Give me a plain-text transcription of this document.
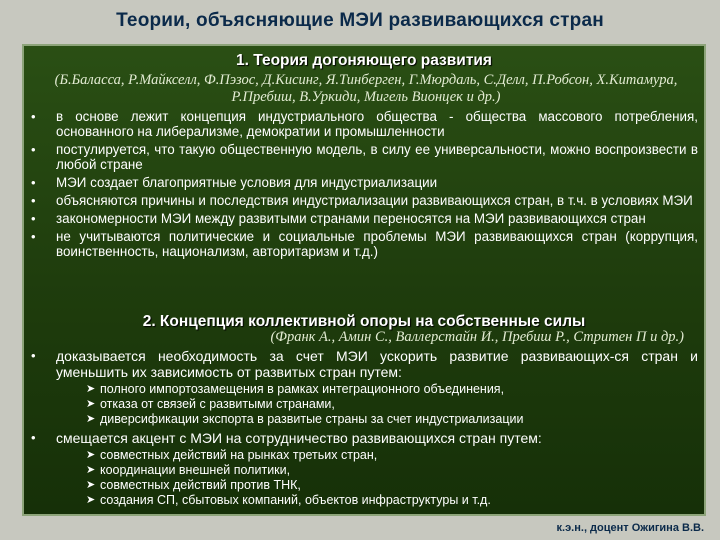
Теории, объясняющие МЭИ развивающихся стран
1. Теория догоняющего развития
(Б.Баласса, Р.Майкселл, Ф.Пэзос, Д.Кисинг, Я.Тинберген, Г.Мюрдаль, С.Делл, П.Робсон, Х.Китамура, Р.Пребиш, В.Уркиди, Мигель Вионцек и др.)
• в основе лежит концепция индустриального общества - общества массового потребления, основанного на либерализме, демократии и промышленности
• постулируется, что такую общественную модель, в силу ее универсальности, можно воспроизвести в любой стране
• МЭИ создает благоприятные условия для индустриализации
• объясняются причины и последствия индустриализации развивающихся стран, в т.ч. в условиях МЭИ
• закономерности МЭИ между развитыми странами переносятся на МЭИ развивающихся стран
• не учитываются политические и социальные проблемы МЭИ развивающихся стран (коррупция, воинственность, национализм, авторитаризм и т.д.)
2. Концепция коллективной опоры на собственные силы
(Франк А., Амин С., Валлерстайн И., Пребиш Р., Стритен П и др.)
• доказывается необходимость за счет МЭИ ускорить развитие развивающих-ся стран и уменьшить их зависимость от развитых стран путем:
➤ полного импортозамещения в рамках интеграционного объединения,
➤ отказа от связей с развитыми странами,
➤ диверсификации экспорта в развитые страны за счет индустриализации
• смещается акцент с МЭИ на сотрудничество развивающихся стран путем:
➤ совместных действий на рынках третьих стран,
➤ координации внешней политики,
➤ совместных действий против ТНК,
➤ создания СП, сбытовых компаний, объектов инфраструктуры и т.д.
к.э.н., доцент Ожигина В.В.
